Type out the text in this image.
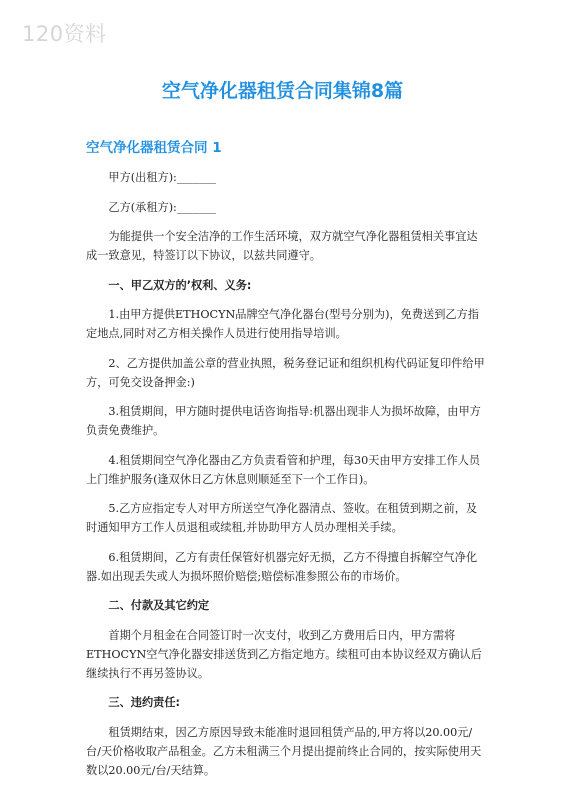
120资料
空气净化器租赁合同集锦8篇
空气净化器租赁合同 1

甲方(出租方):_______

乙方(承租方):_______

为能提供一个安全洁净的工作生活环境，双方就空气净化器租赁相关事宜达成一致意见，特签订以下协议，以兹共同遵守。

一、甲乙双方的’权利、义务:

1.由甲方提供ETHOCYN品牌空气净化器台(型号分别为)，免费送到乙方指定地点,同时对乙方相关操作人员进行使用指导培训。

2、乙方提供加盖公章的营业执照，税务登记证和组织机构代码证复印件给甲方，可免交设备押金:)

3.租赁期间，甲方随时提供电话咨询指导:机器出现非人为损坏故障，由甲方负责免费维护。

4.租赁期间空气净化器由乙方负责看管和护理，每30天由甲方安排工作人员上门维护服务(逢双休日乙方休息则顺延至下一个工作日)。

5.乙方应指定专人对甲方所送空气净化器清点、签收。在租赁到期之前，及时通知甲方工作人员退租或续租,并协助甲方人员办理相关手续。

6.租赁期间，乙方有责任保管好机器完好无损，乙方不得擅自拆解空气净化器.如出现丢失或人为损坏照价赔偿;赔偿标准参照公布的市场价。

二、付款及其它约定

首期个月租金在合同签订时一次支付，收到乙方费用后日内，甲方需将ETHOCYN空气净化器安排送货到乙方指定地方。续租可由本协议经双方确认后继续执行不再另签协议。

三、违约责任:

租赁期结束，因乙方原因导致未能准时退回租赁产品的,甲方将以20.00元/台/天价格收取产品租金。乙方未租满三个月提出提前终止合同的，按实际使用天数以20.00元/台/天结算。
